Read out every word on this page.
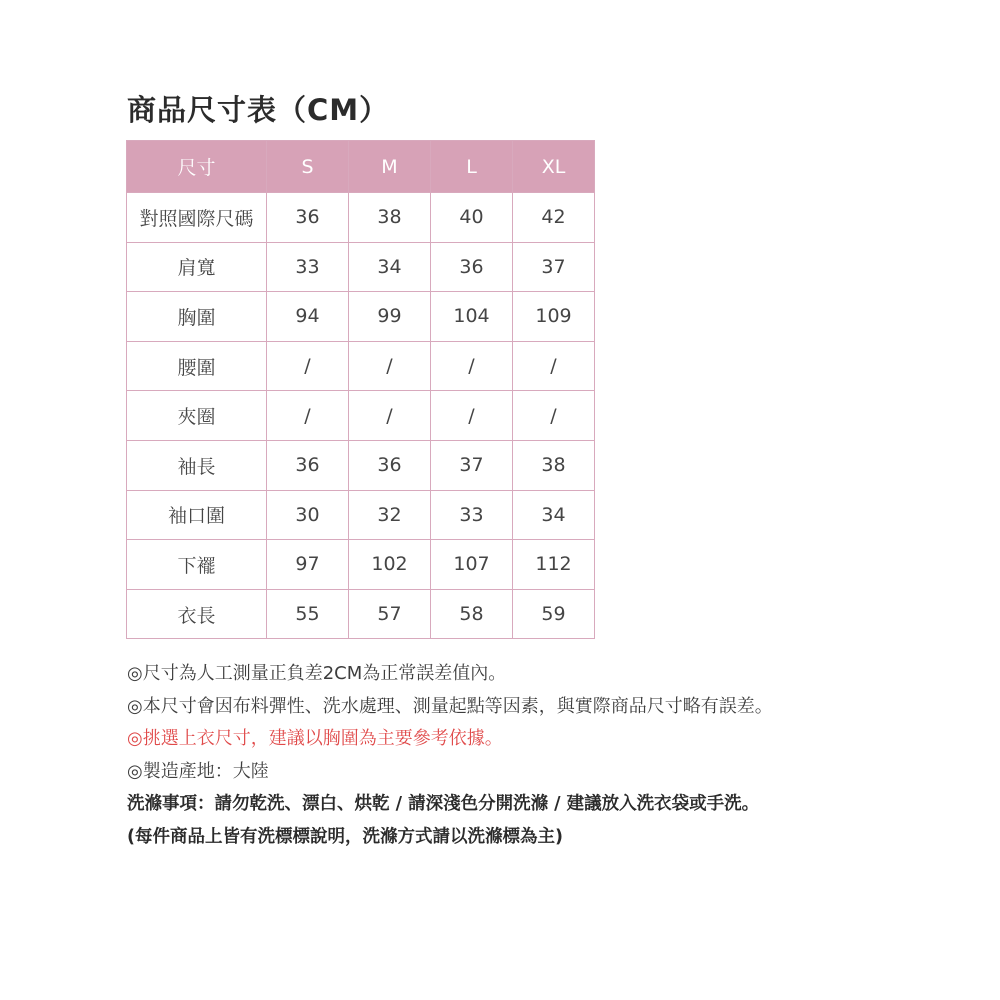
商品尺寸表（CM）
尺寸	S	M	L	XL
對照國際尺碼	36	38	40	42
肩寬	33	34	36	37
胸圍	94	99	104	109
腰圍	/	/	/	/
夾圈	/	/	/	/
袖長	36	36	37	38
袖口圍	30	32	33	34
下襬	97	102	107	112
衣長	55	57	58	59
◎尺寸為人工測量正負差2CM為正常誤差值內。
◎本尺寸會因布料彈性、洗水處理、測量起點等因素，與實際商品尺寸略有誤差。
◎挑選上衣尺寸，建議以胸圍為主要參考依據。
◎製造產地：大陸
洗滌事項：請勿乾洗、漂白、烘乾 / 請深淺色分開洗滌 / 建議放入洗衣袋或手洗。
(每件商品上皆有洗標標說明，洗滌方式請以洗滌標為主)
